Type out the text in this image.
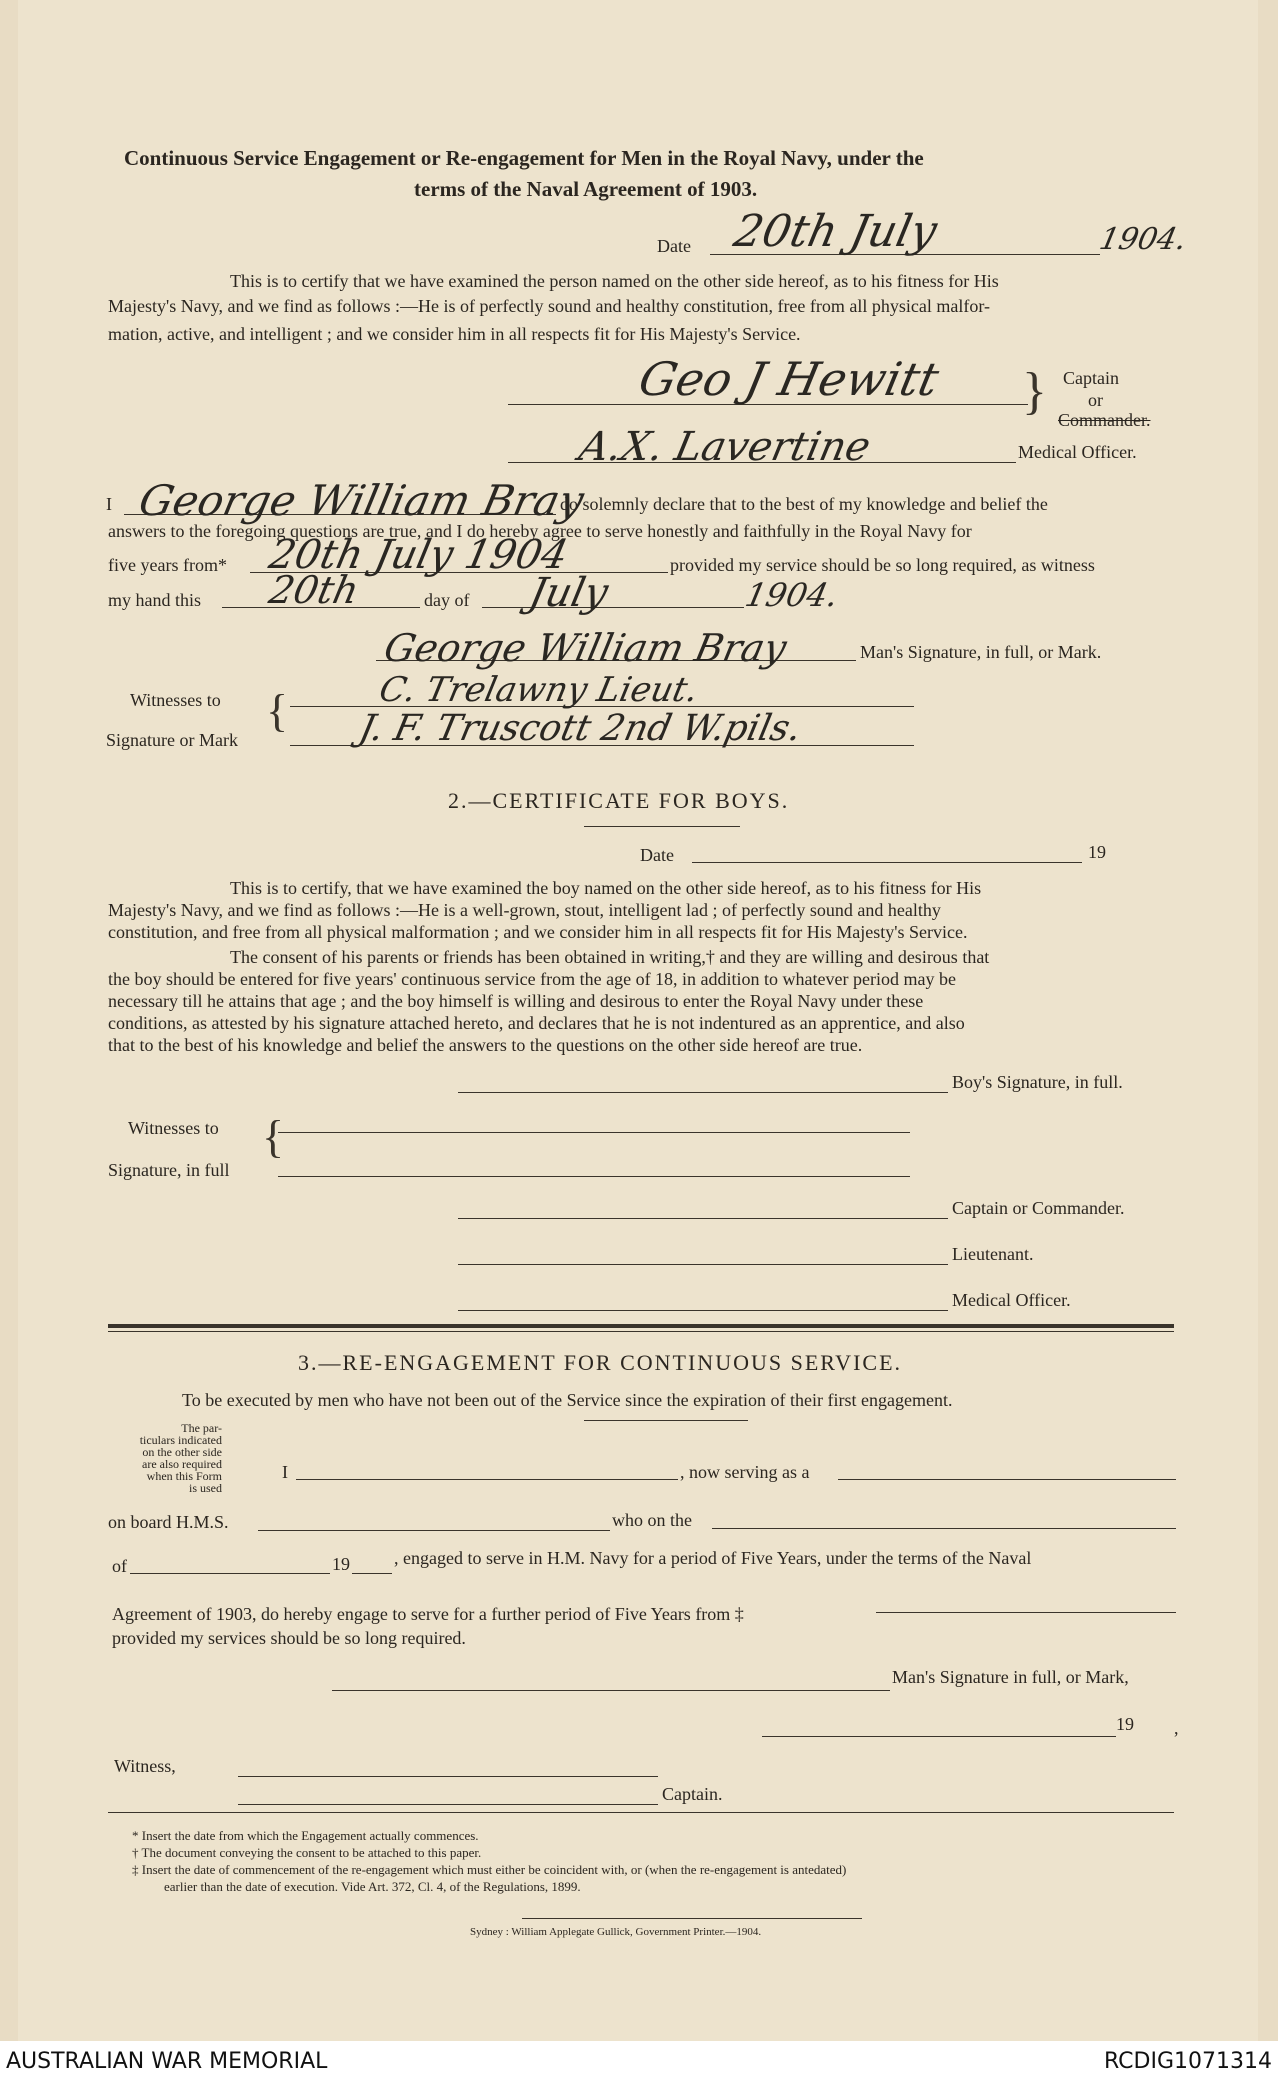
Continuous Service Engagement or Re-engagement for Men in the Royal Navy, under the
terms of the Naval Agreement of 1903.
Date 20th July	1904.
This is to certify that we have examined the person named on the other side hereof, as to his fitness for His
Majesty's Navy, and we find as follows :—He is of perfectly sound and healthy constitution, free from all physical malfor-
mation, active, and intelligent ; and we consider him in all respects fit for His Majesty's Service.
Geo J Hewitt } Captain
or
Commander.
A.X. Lavertine	Medical Officer.
I George William Bray
do solemnly declare that to the best of my knowledge and belief the
answers to the foregoing questions are true, and I do hereby agree to serve honestly and faithfully in the Royal Navy for
five years from* 20th July 1904	provided my service should be so long required, as witness
my hand this 20th	day of July	1904.
George William Bray	Man's Signature, in full, or Mark.
Witnesses to
Signature or Mark
{	C. Trelawny Lieut.
J. F. Truscott 2nd W.pils.
2.—CERTIFICATE FOR BOYS.
Date	19
This is to certify, that we have examined the boy named on the other side hereof, as to his fitness for His
Majesty's Navy, and we find as follows :—He is a well-grown, stout, intelligent lad ; of perfectly sound and healthy
constitution, and free from all physical malformation ; and we consider him in all respects fit for His Majesty's Service.
The consent of his parents or friends has been obtained in writing,† and they are willing and desirous that
the boy should be entered for five years' continuous service from the age of 18, in addition to whatever period may be
necessary till he attains that age ; and the boy himself is willing and desirous to enter the Royal Navy under these
conditions, as attested by his signature attached hereto, and declares that he is not indentured as an apprentice, and also
that to the best of his knowledge and belief the answers to the questions on the other side hereof are true.
Boy's Signature, in full.
Witnesses to
Signature, in full
{
Captain or Commander.
Lieutenant.
Medical Officer.
3.—RE-ENGAGEMENT FOR CONTINUOUS SERVICE.
To be executed by men who have not been out of the Service since the expiration of their first engagement.
The par-
ticulars indicated
on the other side
are also required
when this Form
is used
I	, now serving as a
on board H.M.S.	who on the
of	19 , engaged to serve in H.M. Navy for a period of Five Years, under the terms of the Naval
Agreement of 1903, do hereby engage to serve for a further period of Five Years from ‡
provided my services should be so long required.
Man's Signature in full, or Mark,
19 ,
Witness,
Captain.
* Insert the date from which the Engagement actually commences.
† The document conveying the consent to be attached to this paper.
‡ Insert the date of commencement of the re-engagement which must either be coincident with, or (when the re-engagement is antedated)
earlier than the date of execution. Vide Art. 372, Cl. 4, of the Regulations, 1899.
Sydney : William Applegate Gullick, Government Printer.—1904.
AUSTRALIAN WAR MEMORIAL	RCDIG1071314
